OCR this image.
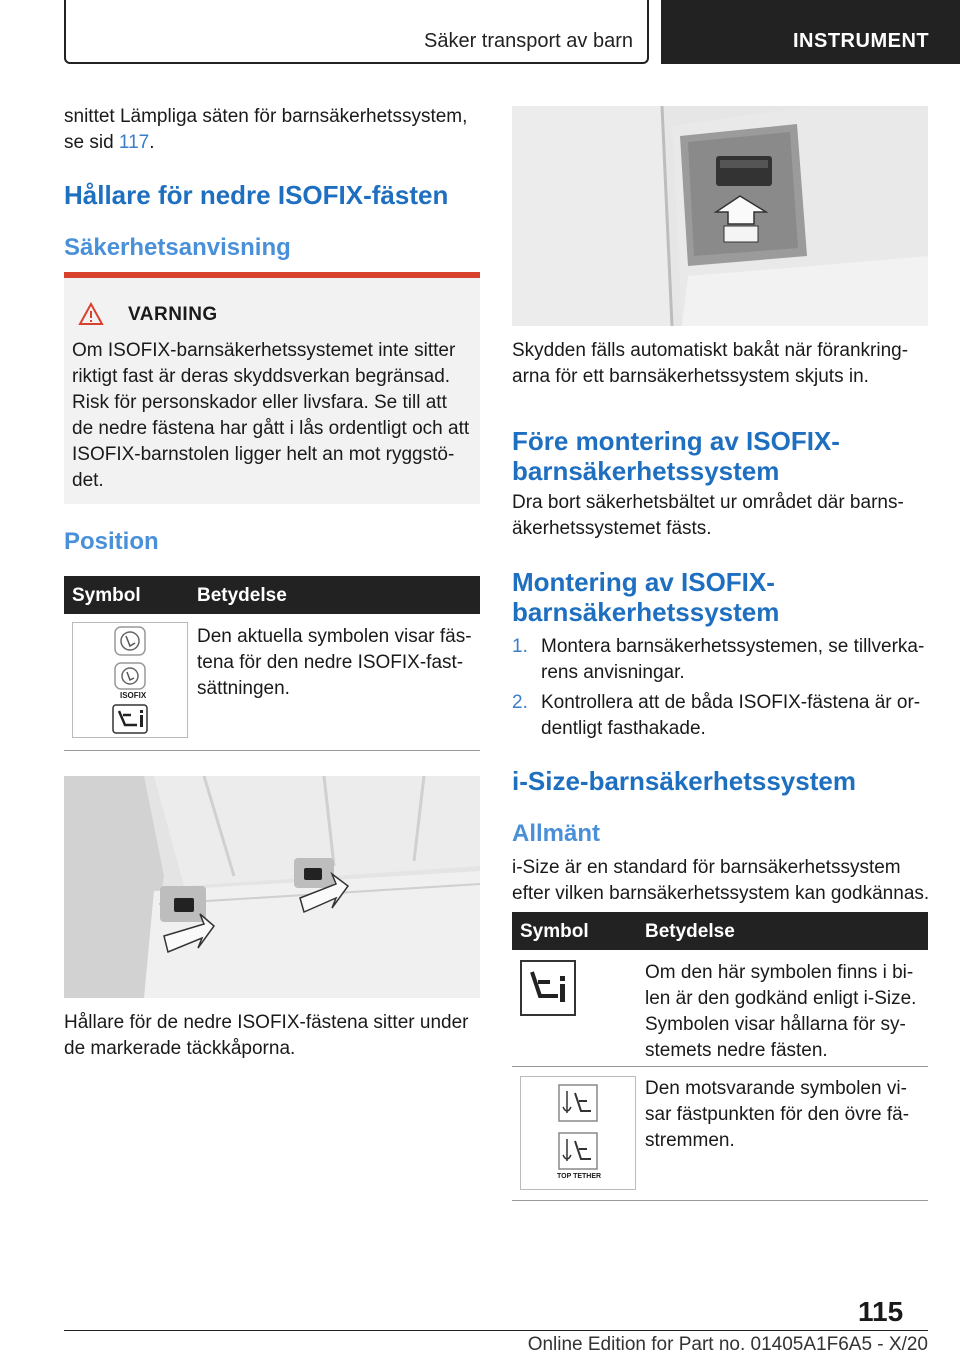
Säker transport av barn	INSTRUMENT
snittet Lämpliga säten för barnsäkerhetssystem, se sid 117.
Hållare för nedre ISOFIX-fästen
Säkerhetsanvisning
VARNING
Om ISOFIX-barnsäkerhetssystemet inte sitter riktigt fast är deras skyddsverkan begränsad. Risk för personskador eller livsfara. Se till att de nedre fästena har gått i lås ordentligt och att ISOFIX-barnstolen ligger helt an mot ryggstö-det.
Position
Symbol	Betydelse
ISOFIX
Den aktuella symbolen visar fäs-tena för den nedre ISOFIX-fast-sättningen.
Hållare för de nedre ISOFIX-fästena sitter under de markerade täckkåporna.
Skydden fälls automatiskt bakåt när förankring-arna för ett barnsäkerhetssystem skjuts in.
Före montering av ISOFIX-barnsäkerhetssystem
Dra bort säkerhetsbältet ur området där barns-äkerhetssystemet fästs.
Montering av ISOFIX-barnsäkerhetssystem
1. Montera barnsäkerhetssystemen, se tillverka-rens anvisningar.
2. Kontrollera att de båda ISOFIX-fästena är or-dentligt fasthakade.
i-Size-barnsäkerhetssystem
Allmänt
i-Size är en standard för barnsäkerhetssystem efter vilken barnsäkerhetssystem kan godkännas.
Symbol	Betydelse
Om den här symbolen finns i bi-len är den godkänd enligt i-Size. Symbolen visar hållarna för sy-stemets nedre fästen.
TOP TETHER
Den motsvarande symbolen vi-sar fästpunkten för den övre fä-stremmen.
115
Online Edition for Part no. 01405A1F6A5 - X/20
